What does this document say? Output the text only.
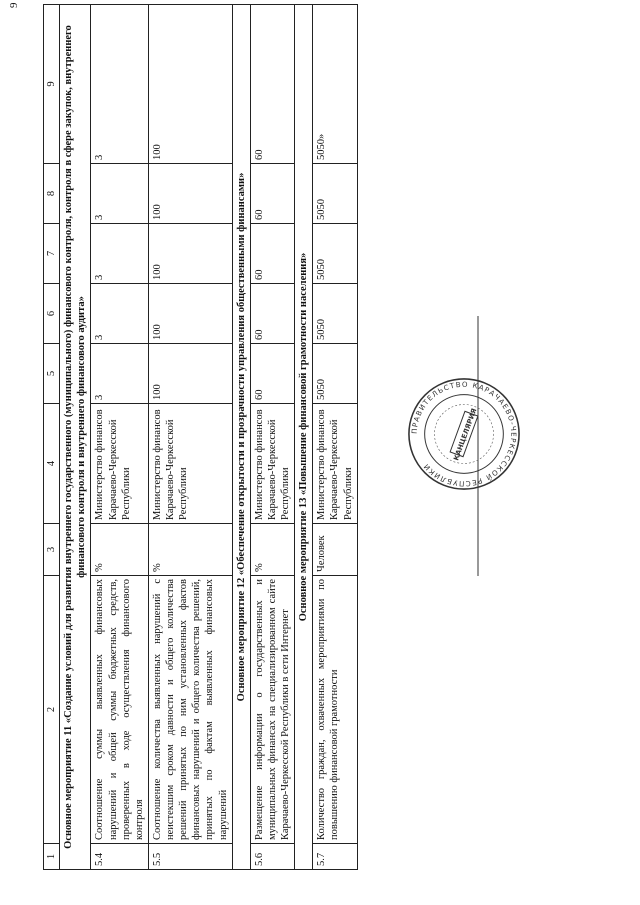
9
1	2	3	4	5	6	7	8	9
Основное мероприятие 11 «Создание условий для развития внутреннего государственного (муниципального) финансового контроля, контроля в сфере закупок, внутреннего финансового контроля и внутреннего финансового аудита»								
5.4	Соотношение суммы выявленных финансовых нарушений и общей суммы бюджетных средств, проверенных в ходе осуществления финансового контроля	%	Министерство финансов Карачаево-Черкесской Республики	3	3	3	3	3
5.5	Соотношение количества выявленных нарушений с неистекшим сроком давности и общего количества решений принятых по ним установленных фактов финансовых нарушений и общего количества решений, принятых по фактам выявленных финансовых нарушений	%	Министерство финансов Карачаево-Черкесской Республики	100	100	100	100	100
Основное мероприятие 12 «Обеспечение открытости и прозрачности управления общественными финансами»								
5.6	Размещение информации о государственных и муниципальных финансах на специализированном сайте Карачаево-Черкесской Республики в сети Интернет	%	Министерство финансов Карачаево-Черкесской Республики	60	60	60	60	60
Основное мероприятие 13 «Повышение финансовой грамотности населения»								
5.7	Количество граждан, охваченных мероприятиями по повышению финансовой грамотности	Человек	Министерство финансов Карачаево-Черкесской Республики	5050	5050	5050	5050	5050»
ПРАВИТЕЛЬСТВО КАРАЧАЕВО-ЧЕРКЕССКОЙ РЕСПУБЛИКИ
КАНЦЕЛЯРИЯ
